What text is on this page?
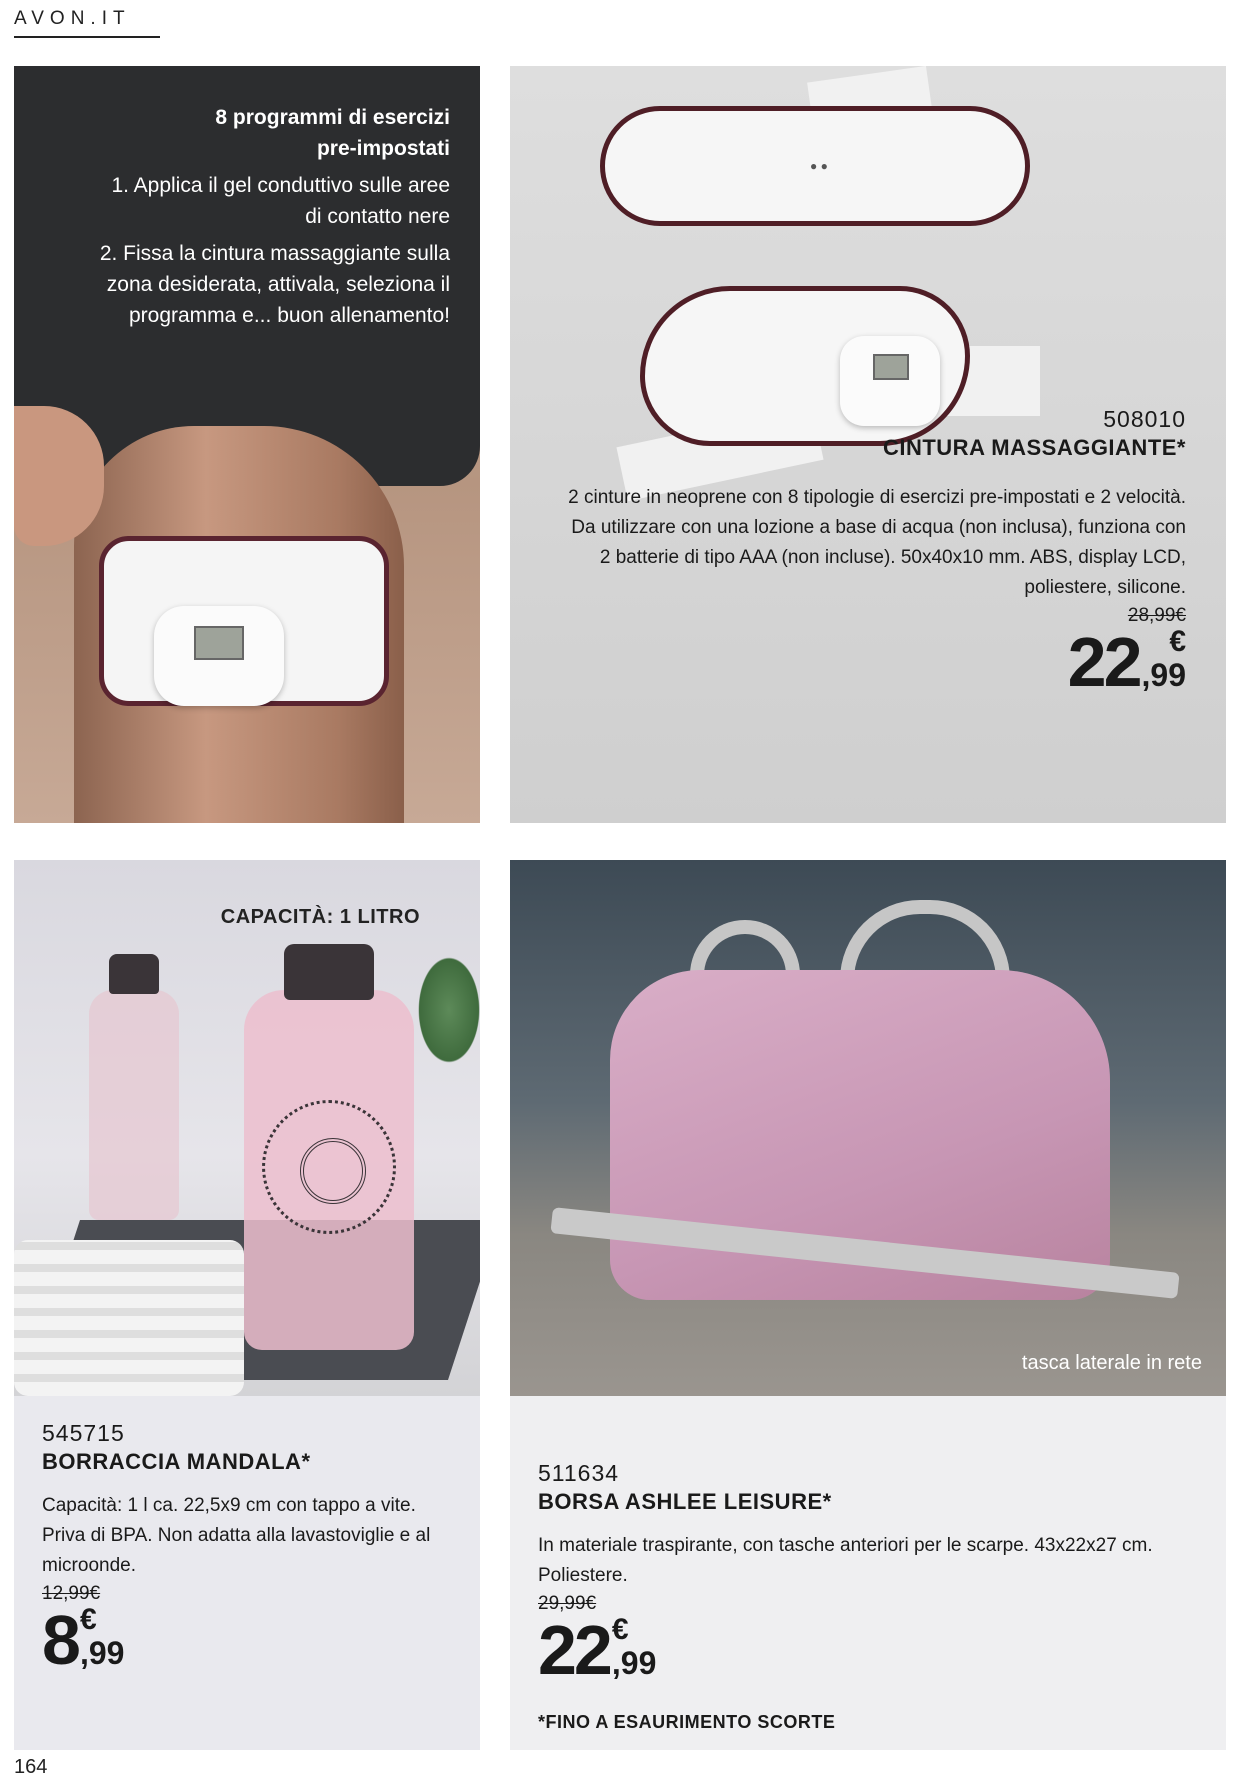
AVON.IT
8 programmi di esercizi
pre-impostati

1. Applica il gel conduttivo sulle aree di contatto nere

2. Fissa la cintura massaggiante sulla zona desiderata, attivala, seleziona il programma e... buon allenamento!

● ●
508010
CINTURA MASSAGGIANTE*
2 cinture in neoprene con 8 tipologie di esercizi pre-impostati e 2 velocità. Da utilizzare con una lozione a base di acqua (non inclusa), funziona con 2 batterie di tipo AAA (non incluse). 50x40x10 mm. ABS, display LCD, poliestere, silicone.
28,99€
22 €
,99
CAPACITÀ: 1 LITRO
545715
BORRACCIA MANDALA*
Capacità: 1 l ca. 22,5x9 cm con tappo a vite. Priva di BPA. Non adatta alla lavastoviglie e al microonde.
12,99€
8 €
,99
tasca laterale in rete
511634
BORSA ASHLEE LEISURE*
In materiale traspirante, con tasche anteriori per le scarpe. 43x22x27 cm. Poliestere.
29,99€
22 €
,99
*FINO A ESAURIMENTO SCORTE
164
